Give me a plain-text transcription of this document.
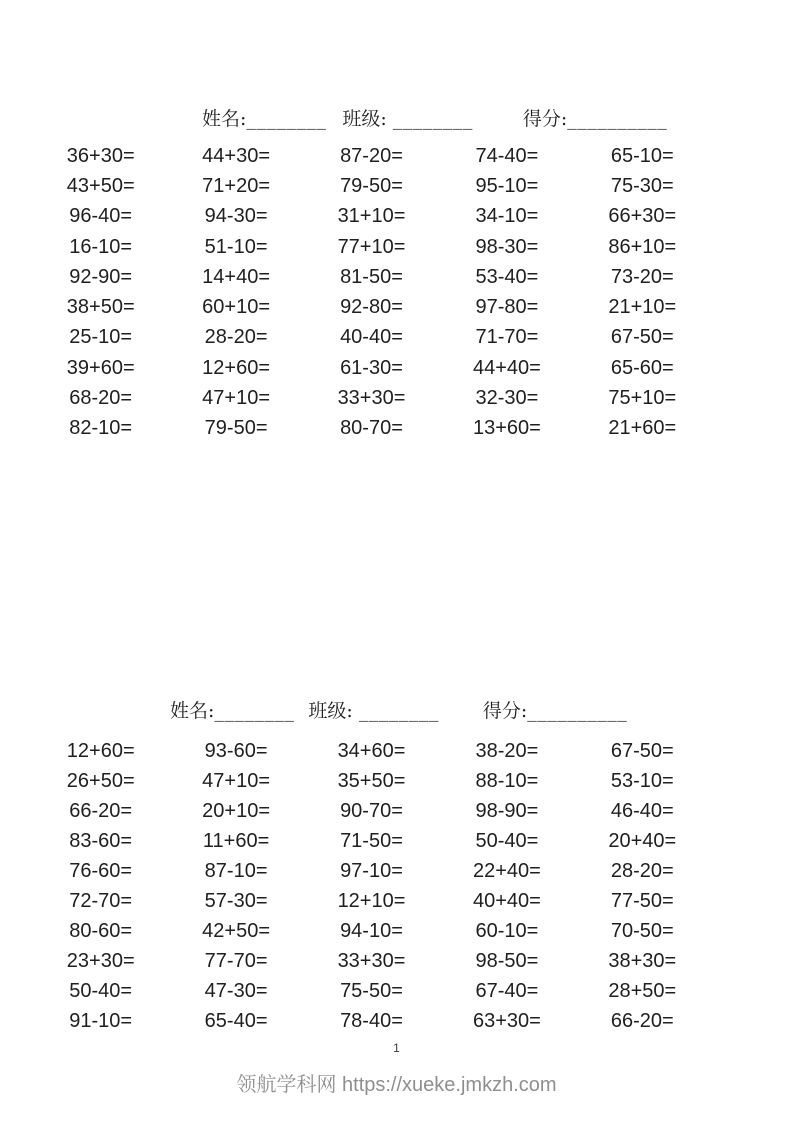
姓名:________ 班级: ________	得分:__________
36+30=	44+30=	87-20=	74-40=	65-10=
43+50=	71+20=	79-50=	95-10=	75-30=
96-40=	94-30=	31+10=	34-10=	66+30=
16-10=	51-10=	77+10=	98-30=	86+10=
92-90=	14+40=	81-50=	53-40=	73-20=
38+50=	60+10=	92-80=	97-80=	21+10=
25-10=	28-20=	40-40=	71-70=	67-50=
39+60=	12+60=	61-30=	44+40=	65-60=
68-20=	47+10=	33+30=	32-30=	75+10=
82-10=	79-50=	80-70=	13+60=	21+60=
姓名:________ 班级: ________ 得分:__________
12+60=	93-60=	34+60=	38-20=	67-50=
26+50=	47+10=	35+50=	88-10=	53-10=
66-20=	20+10=	90-70=	98-90=	46-40=
83-60=	11+60=	71-50=	50-40=	20+40=
76-60=	87-10=	97-10=	22+40=	28-20=
72-70=	57-30=	12+10=	40+40=	77-50=
80-60=	42+50=	94-10=	60-10=	70-50=
23+30=	77-70=	33+30=	98-50=	38+30=
50-40=	47-30=	75-50=	67-40=	28+50=
91-10=	65-40=	78-40=	63+30=	66-20=
1
领航学科网 https://xueke.jmkzh.com
